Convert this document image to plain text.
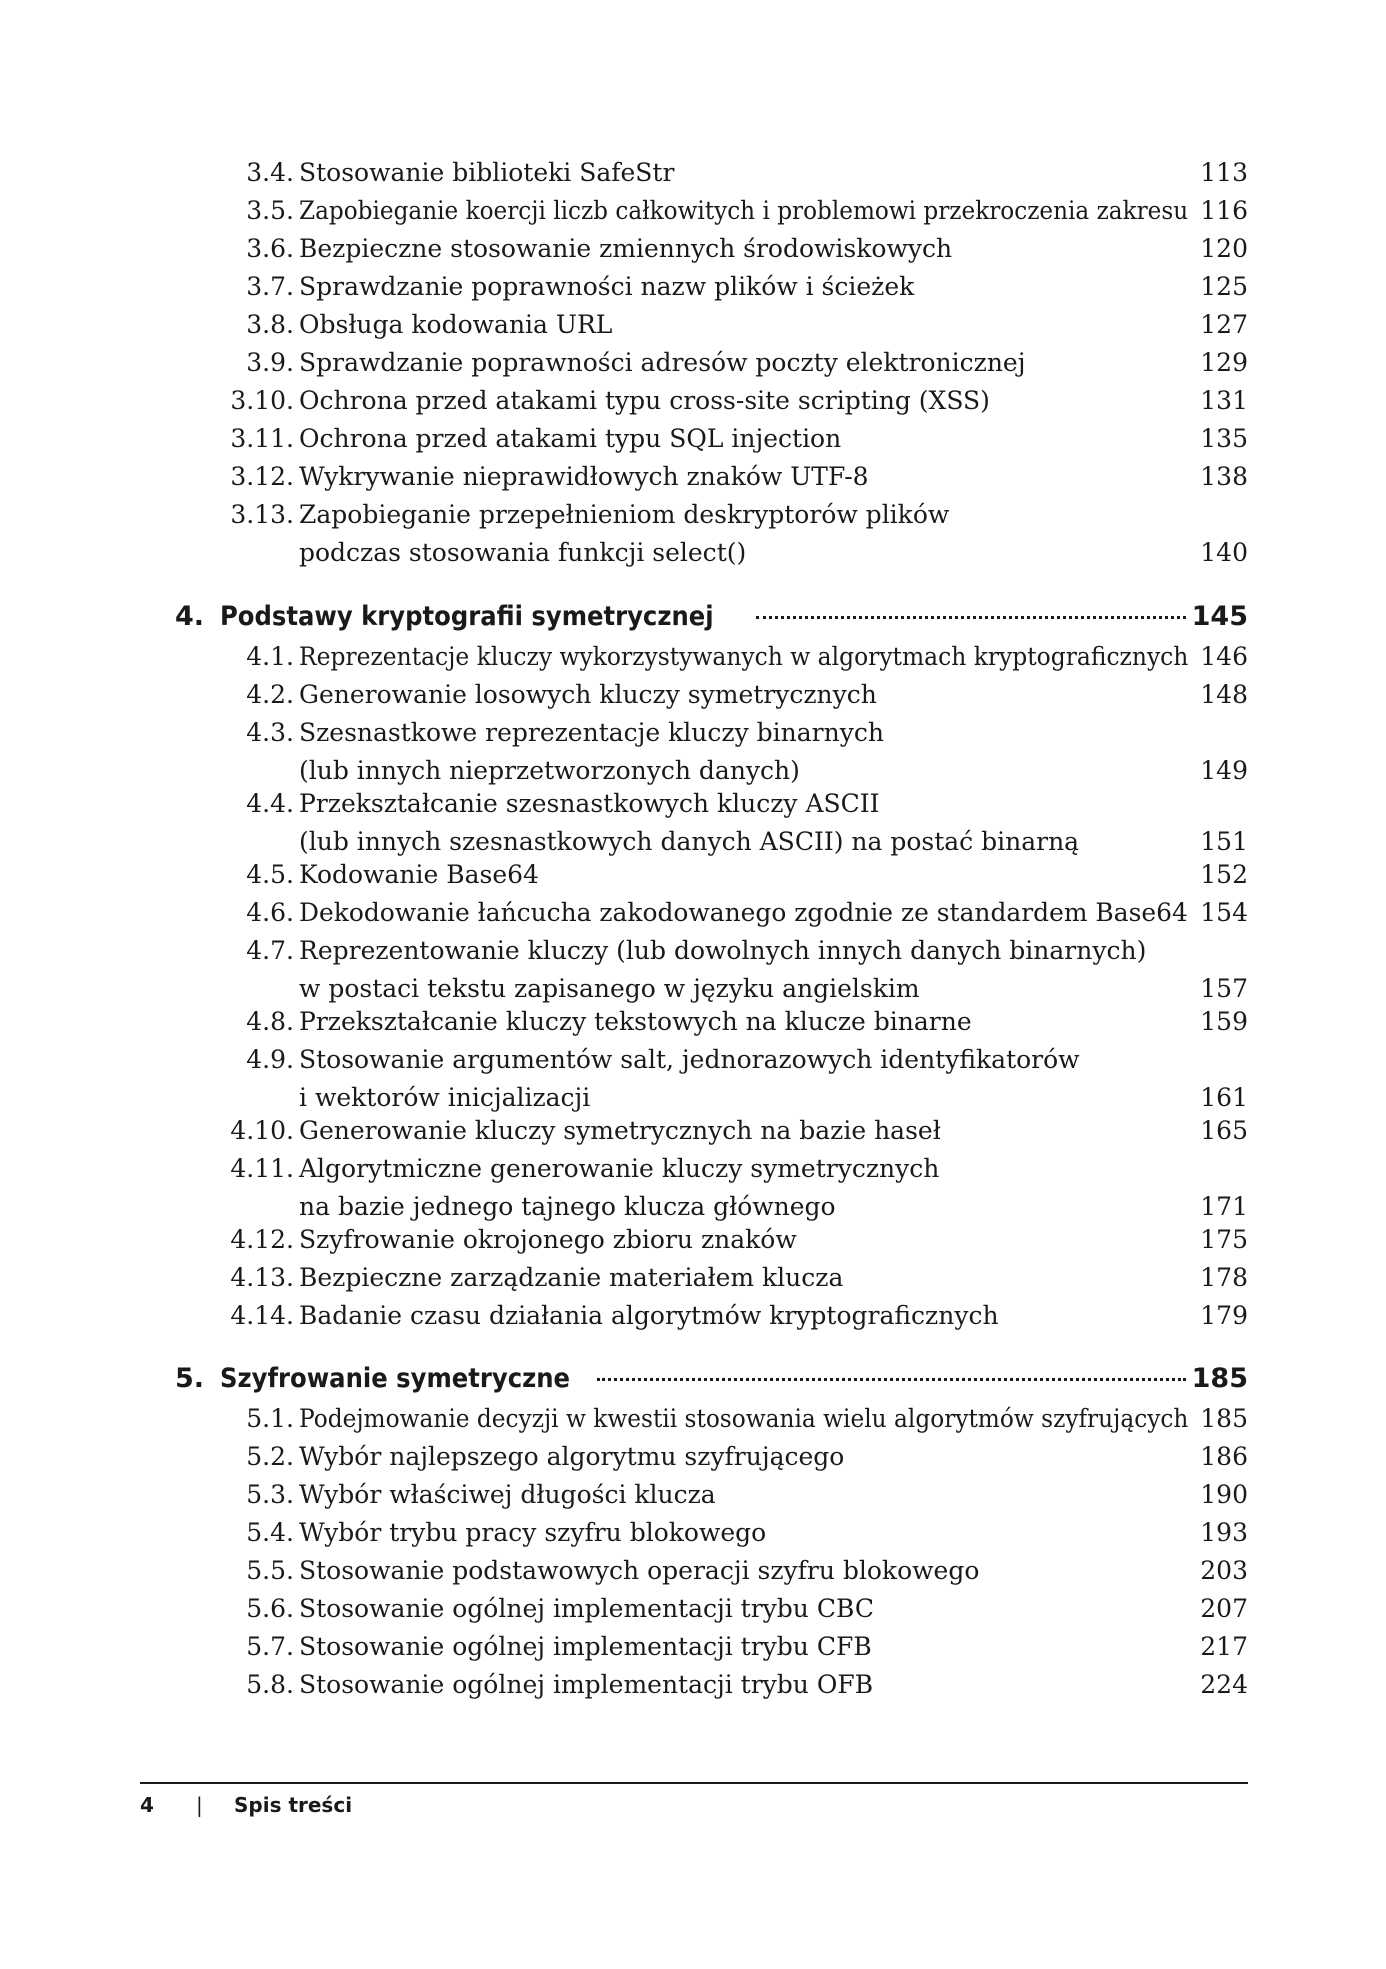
3.4. Stosowanie biblioteki SafeStr	113
3.5. Zapobieganie koercji liczb całkowitych i problemowi przekroczenia zakresu 116
3.6. Bezpieczne stosowanie zmiennych środowiskowych	120
3.7. Sprawdzanie poprawności nazw plików i ścieżek	125
3.8. Obsługa kodowania URL	127
3.9. Sprawdzanie poprawności adresów poczty elektronicznej	129
3.10. Ochrona przed atakami typu cross-site scripting (XSS)	131
3.11. Ochrona przed atakami typu SQL injection	135
3.12. Wykrywanie nieprawidłowych znaków UTF-8	138
3.13. Zapobieganie przepełnieniom deskryptorów plików
podczas stosowania funkcji select()	140
4. Podstawy kryptografii symetrycznej	145
4.1. Reprezentacje kluczy wykorzystywanych w algorytmach kryptograficznych 146
4.2. Generowanie losowych kluczy symetrycznych	148
4.3. Szesnastkowe reprezentacje kluczy binarnych
(lub innych nieprzetworzonych danych)	149
4.4. Przekształcanie szesnastkowych kluczy ASCII
(lub innych szesnastkowych danych ASCII) na postać binarną	151
4.5. Kodowanie Base64	152
4.6. Dekodowanie łańcucha zakodowanego zgodnie ze standardem Base64 154
4.7. Reprezentowanie kluczy (lub dowolnych innych danych binarnych)
w postaci tekstu zapisanego w języku angielskim	157
4.8. Przekształcanie kluczy tekstowych na klucze binarne	159
4.9. Stosowanie argumentów salt, jednorazowych identyfikatorów
i wektorów inicjalizacji	161
4.10. Generowanie kluczy symetrycznych na bazie haseł	165
4.11. Algorytmiczne generowanie kluczy symetrycznych
na bazie jednego tajnego klucza głównego	171
4.12. Szyfrowanie okrojonego zbioru znaków	175
4.13. Bezpieczne zarządzanie materiałem klucza	178
4.14. Badanie czasu działania algorytmów kryptograficznych	179
5. Szyfrowanie symetryczne	185
5.1. Podejmowanie decyzji w kwestii stosowania wielu algorytmów szyfrujących 185
5.2. Wybór najlepszego algorytmu szyfrującego	186
5.3. Wybór właściwej długości klucza	190
5.4. Wybór trybu pracy szyfru blokowego	193
5.5. Stosowanie podstawowych operacji szyfru blokowego	203
5.6. Stosowanie ogólnej implementacji trybu CBC	207
5.7. Stosowanie ogólnej implementacji trybu CFB	217
5.8. Stosowanie ogólnej implementacji trybu OFB	224
4 | Spis treści
